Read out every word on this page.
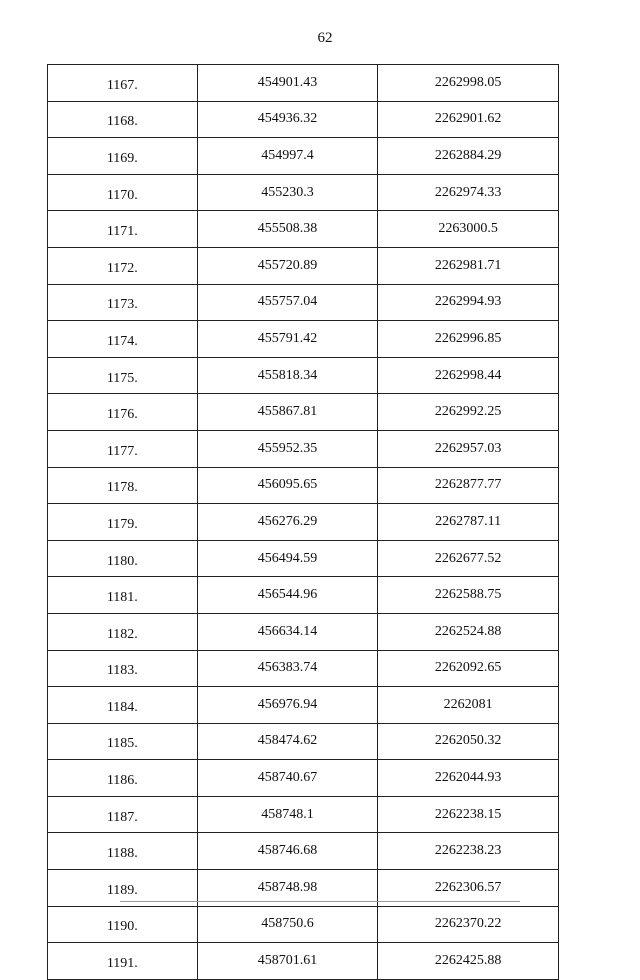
62
1167.	454901.43	2262998.05
1168.	454936.32	2262901.62
1169.	454997.4	2262884.29
1170.	455230.3	2262974.33
1171.	455508.38	2263000.5
1172.	455720.89	2262981.71
1173.	455757.04	2262994.93
1174.	455791.42	2262996.85
1175.	455818.34	2262998.44
1176.	455867.81	2262992.25
1177.	455952.35	2262957.03
1178.	456095.65	2262877.77
1179.	456276.29	2262787.11
1180.	456494.59	2262677.52
1181.	456544.96	2262588.75
1182.	456634.14	2262524.88
1183.	456383.74	2262092.65
1184.	456976.94	2262081
1185.	458474.62	2262050.32
1186.	458740.67	2262044.93
1187.	458748.1	2262238.15
1188.	458746.68	2262238.23
1189.	458748.98	2262306.57
1190.	458750.6	2262370.22
1191.	458701.61	2262425.88
